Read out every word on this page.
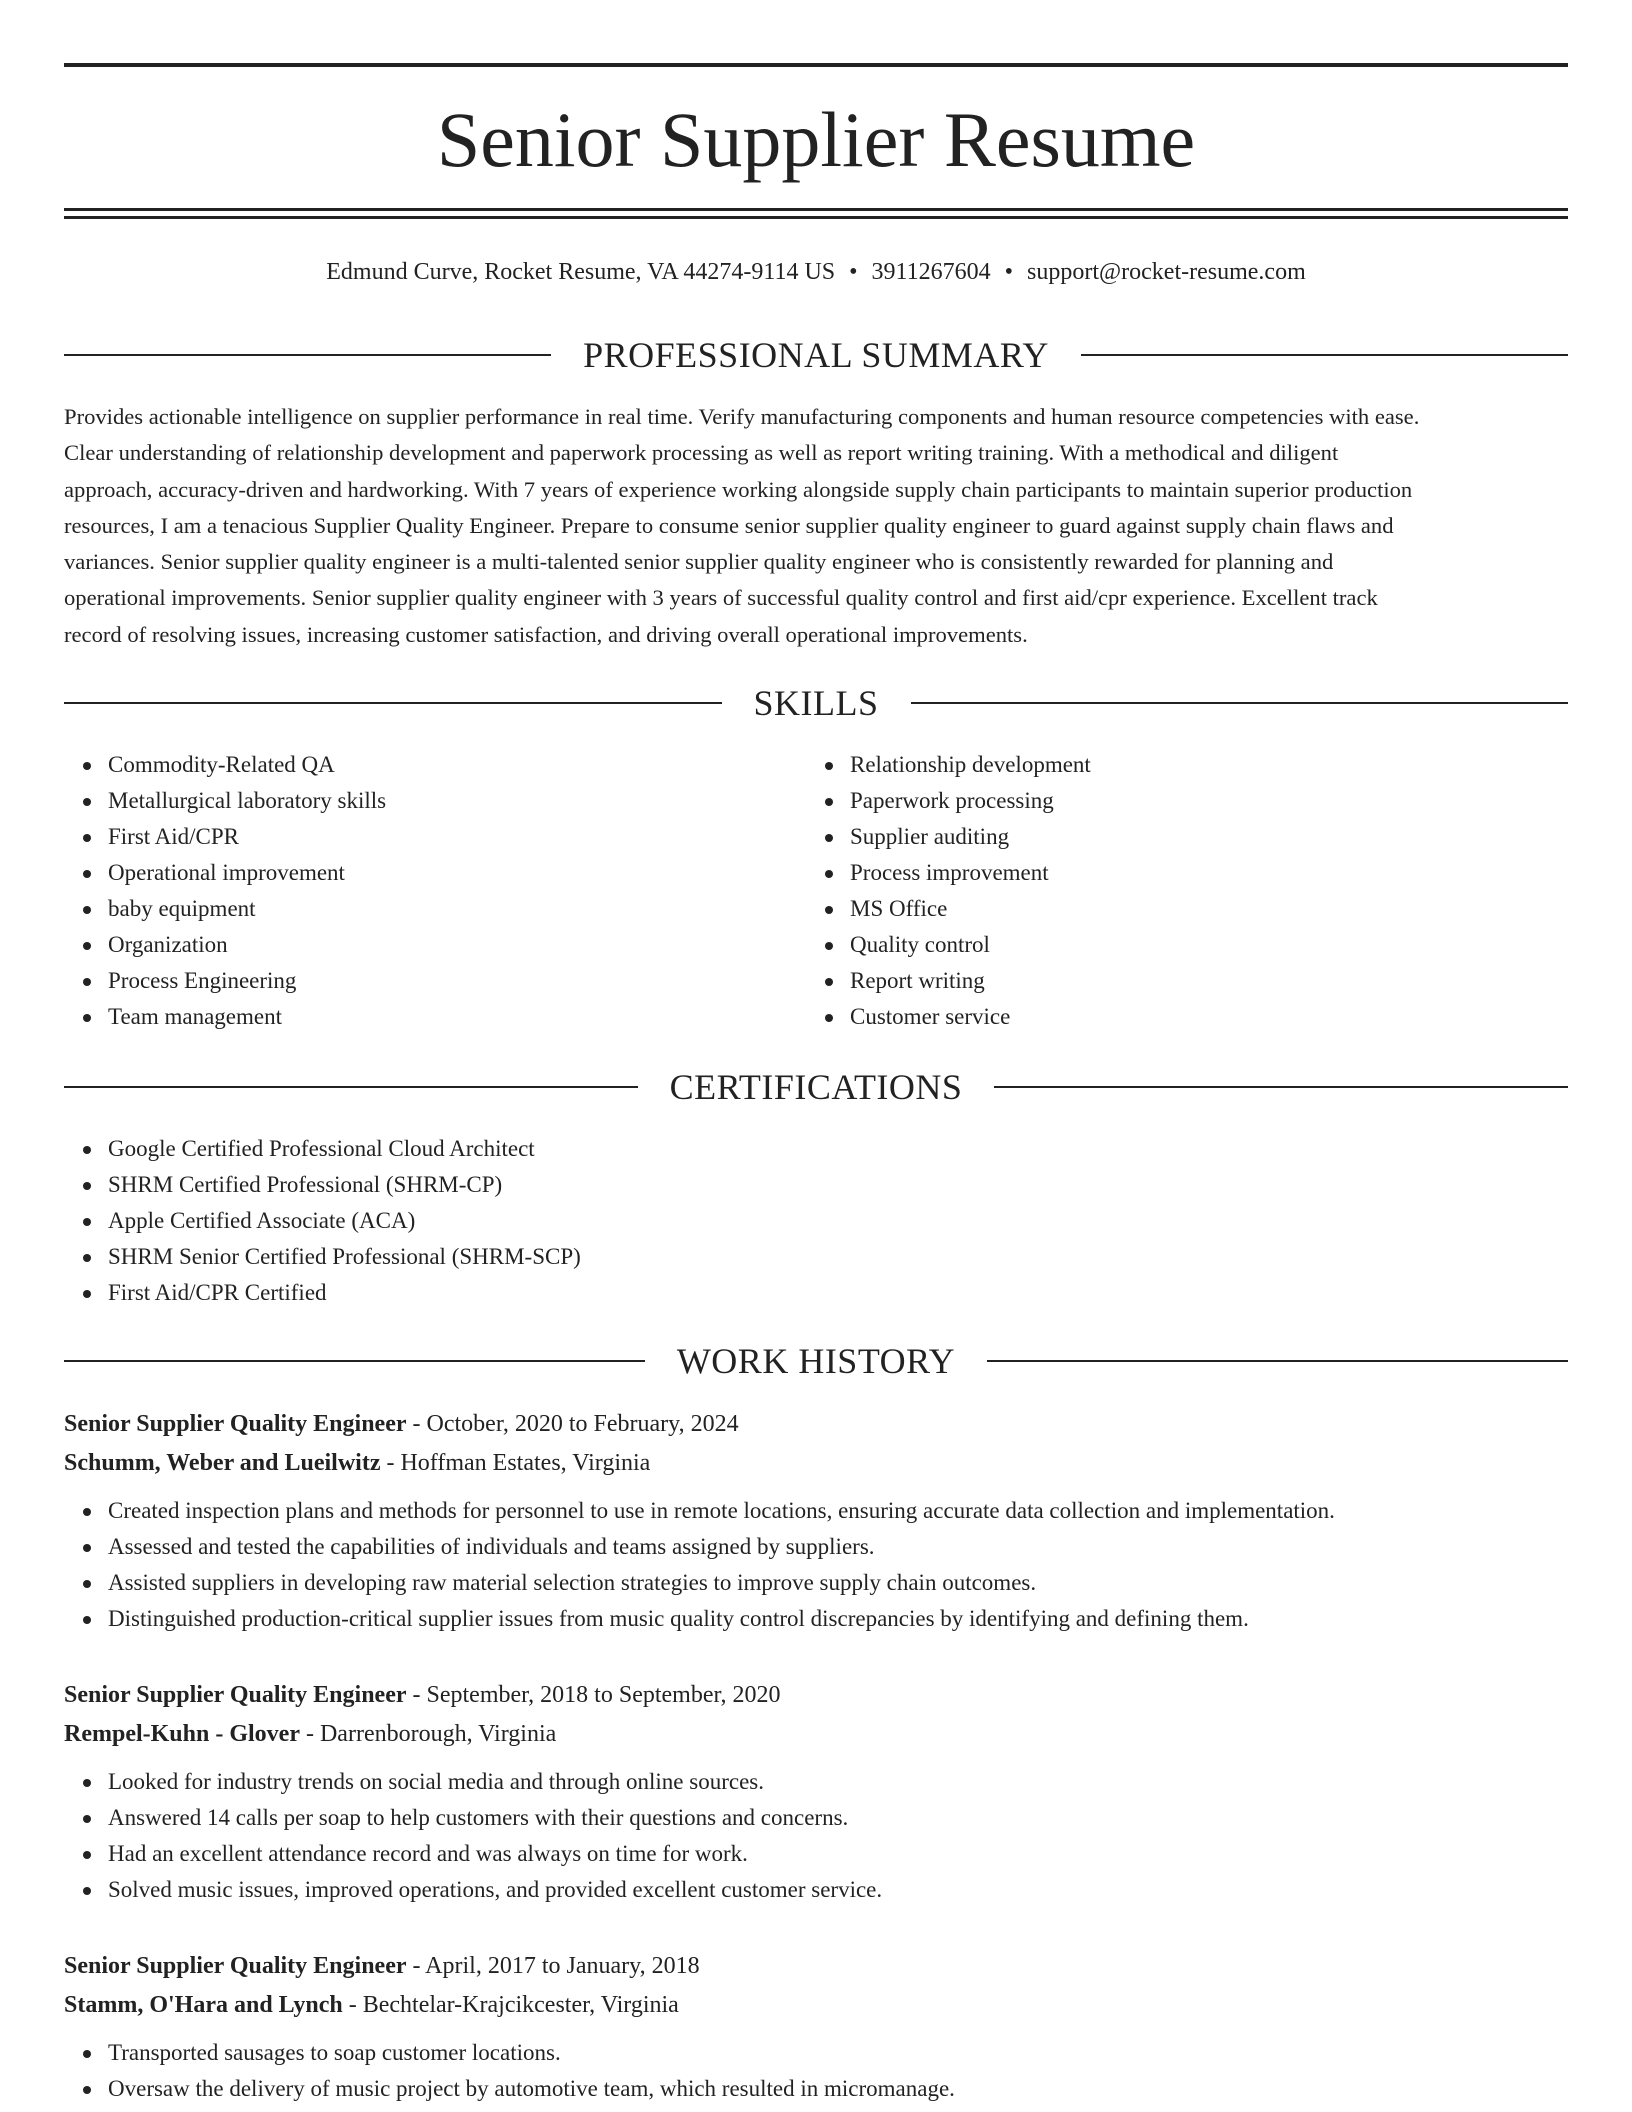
Senior Supplier Resume
Edmund Curve, Rocket Resume, VA 44274-9114 US • 3911267604 • support@rocket-resume.com
PROFESSIONAL SUMMARY
Provides actionable intelligence on supplier performance in real time. Verify manufacturing components and human resource competencies with ease.
Clear understanding of relationship development and paperwork processing as well as report writing training. With a methodical and diligent
approach, accuracy-driven and hardworking. With 7 years of experience working alongside supply chain participants to maintain superior production
resources, I am a tenacious Supplier Quality Engineer. Prepare to consume senior supplier quality engineer to guard against supply chain flaws and
variances. Senior supplier quality engineer is a multi-talented senior supplier quality engineer who is consistently rewarded for planning and
operational improvements. Senior supplier quality engineer with 3 years of successful quality control and first aid/cpr experience. Excellent track
record of resolving issues, increasing customer satisfaction, and driving overall operational improvements.
SKILLS
Commodity-Related QA
Metallurgical laboratory skills
First Aid/CPR
Operational improvement
baby equipment
Organization
Process Engineering
Team management
Relationship development
Paperwork processing
Supplier auditing
Process improvement
MS Office
Quality control
Report writing
Customer service
CERTIFICATIONS
Google Certified Professional Cloud Architect
SHRM Certified Professional (SHRM-CP)
Apple Certified Associate (ACA)
SHRM Senior Certified Professional (SHRM-SCP)
First Aid/CPR Certified
WORK HISTORY
Senior Supplier Quality Engineer - October, 2020 to February, 2024
Schumm, Weber and Lueilwitz - Hoffman Estates, Virginia
Created inspection plans and methods for personnel to use in remote locations, ensuring accurate data collection and implementation.
Assessed and tested the capabilities of individuals and teams assigned by suppliers.
Assisted suppliers in developing raw material selection strategies to improve supply chain outcomes.
Distinguished production-critical supplier issues from music quality control discrepancies by identifying and defining them.
Senior Supplier Quality Engineer - September, 2018 to September, 2020
Rempel-Kuhn - Glover - Darrenborough, Virginia
Looked for industry trends on social media and through online sources.
Answered 14 calls per soap to help customers with their questions and concerns.
Had an excellent attendance record and was always on time for work.
Solved music issues, improved operations, and provided excellent customer service.
Senior Supplier Quality Engineer - April, 2017 to January, 2018
Stamm, O'Hara and Lynch - Bechtelar-Krajcikcester, Virginia
Transported sausages to soap customer locations.
Oversaw the delivery of music project by automotive team, which resulted in micromanage.
